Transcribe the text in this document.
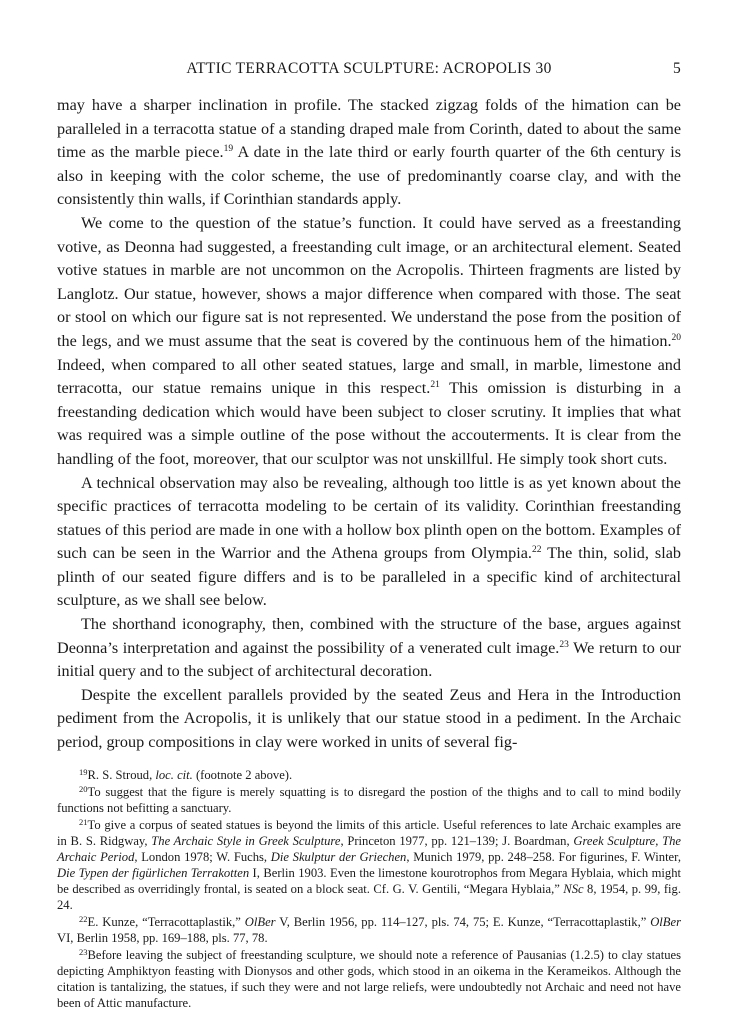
ATTIC TERRACOTTA SCULPTURE: ACROPOLIS 30	5

may have a sharper inclination in profile. The stacked zigzag folds of the himation can be paralleled in a terracotta statue of a standing draped male from Corinth, dated to about the same time as the marble piece.$^{19}$ A date in the late third or early fourth quarter of the 6th century is also in keeping with the color scheme, the use of predominantly coarse clay, and with the consistently thin walls, if Corinthian standards apply.

We come to the question of the statue’s function. It could have served as a freestanding votive, as Deonna had suggested, a freestanding cult image, or an architectural element. Seated votive statues in marble are not uncommon on the Acropolis. Thirteen fragments are listed by Langlotz. Our statue, however, shows a major difference when compared with those. The seat or stool on which our figure sat is not represented. We understand the pose from the position of the legs, and we must assume that the seat is covered by the continuous hem of the himation.$^{20}$ Indeed, when compared to all other seated statues, large and small, in marble, limestone and terracotta, our statue remains unique in this respect.$^{21}$ This omission is disturbing in a freestanding dedication which would have been subject to closer scrutiny. It implies that what was required was a simple outline of the pose without the accouterments. It is clear from the handling of the foot, moreover, that our sculptor was not unskillful. He simply took short cuts.

A technical observation may also be revealing, although too little is as yet known about the specific practices of terracotta modeling to be certain of its validity. Corinthian freestanding statues of this period are made in one with a hollow box plinth open on the bottom. Examples of such can be seen in the Warrior and the Athena groups from Olympia.$^{22}$ The thin, solid, slab plinth of our seated figure differs and is to be paralleled in a specific kind of architectural sculpture, as we shall see below.

The shorthand iconography, then, combined with the structure of the base, argues against Deonna’s interpretation and against the possibility of a venerated cult image.$^{23}$ We return to our initial query and to the subject of architectural decoration.

Despite the excellent parallels provided by the seated Zeus and Hera in the Introduction pediment from the Acropolis, it is unlikely that our statue stood in a pediment. In the Archaic period, group compositions in clay were worked in units of several fig-

$^{19}$R. S. Stroud, loc. cit. (footnote 2 above).

$^{20}$To suggest that the figure is merely squatting is to disregard the postion of the thighs and to call to mind bodily functions not befitting a sanctuary.

$^{21}$To give a corpus of seated statues is beyond the limits of this article. Useful references to late Archaic examples are in B. S. Ridgway, The Archaic Style in Greek Sculpture, Princeton 1977, pp. 121–139; J. Boardman, Greek Sculpture, The Archaic Period, London 1978; W. Fuchs, Die Skulptur der Griechen, Munich 1979, pp. 248–258. For figurines, F. Winter, Die Typen der figürlichen Terrakotten I, Berlin 1903. Even the limestone kourotrophos from Megara Hyblaia, which might be described as overridingly frontal, is seated on a block seat. Cf. G. V. Gentili, “Megara Hyblaia,” NSc 8, 1954, p. 99, fig. 24.

$^{22}$E. Kunze, “Terracottaplastik,” OlBer V, Berlin 1956, pp. 114–127, pls. 74, 75; E. Kunze, “Terracottaplastik,” OlBer VI, Berlin 1958, pp. 169–188, pls. 77, 78.

$^{23}$Before leaving the subject of freestanding sculpture, we should note a reference of Pausanias (1.2.5) to clay statues depicting Amphiktyon feasting with Dionysos and other gods, which stood in an oikema in the Kerameikos. Although the citation is tantalizing, the statues, if such they were and not large reliefs, were undoubtedly not Archaic and need not have been of Attic manufacture.
